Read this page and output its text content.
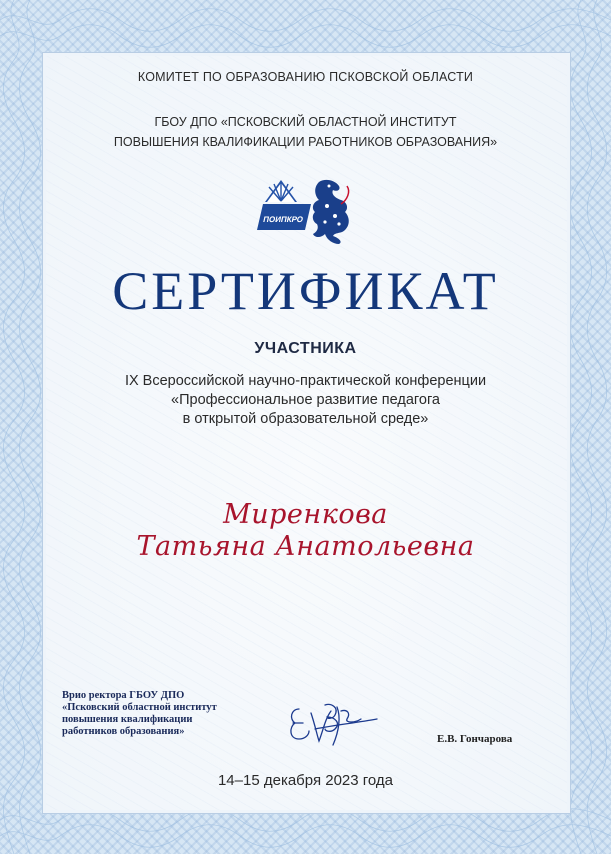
КОМИТЕТ ПО ОБРАЗОВАНИЮ ПСКОВСКОЙ ОБЛАСТИ
ГБОУ ДПО «ПСКОВСКИЙ ОБЛАСТНОЙ ИНСТИТУТ
ПОВЫШЕНИЯ КВАЛИФИКАЦИИ РАБОТНИКОВ ОБРАЗОВАНИЯ»
ПОИПКРО
СЕРТИФИКАТ
УЧАСТНИКА
IX Всероссийской научно-практической конференции
«Профессиональное развитие педагога
в открытой образовательной среде»
Миренкова
Татьяна Анатольевна
Врио ректора ГБОУ ДПО
«Псковский областной институт
повышения квалификации
работников образования»
Е.В. Гончарова
14–15 декабря 2023 года
